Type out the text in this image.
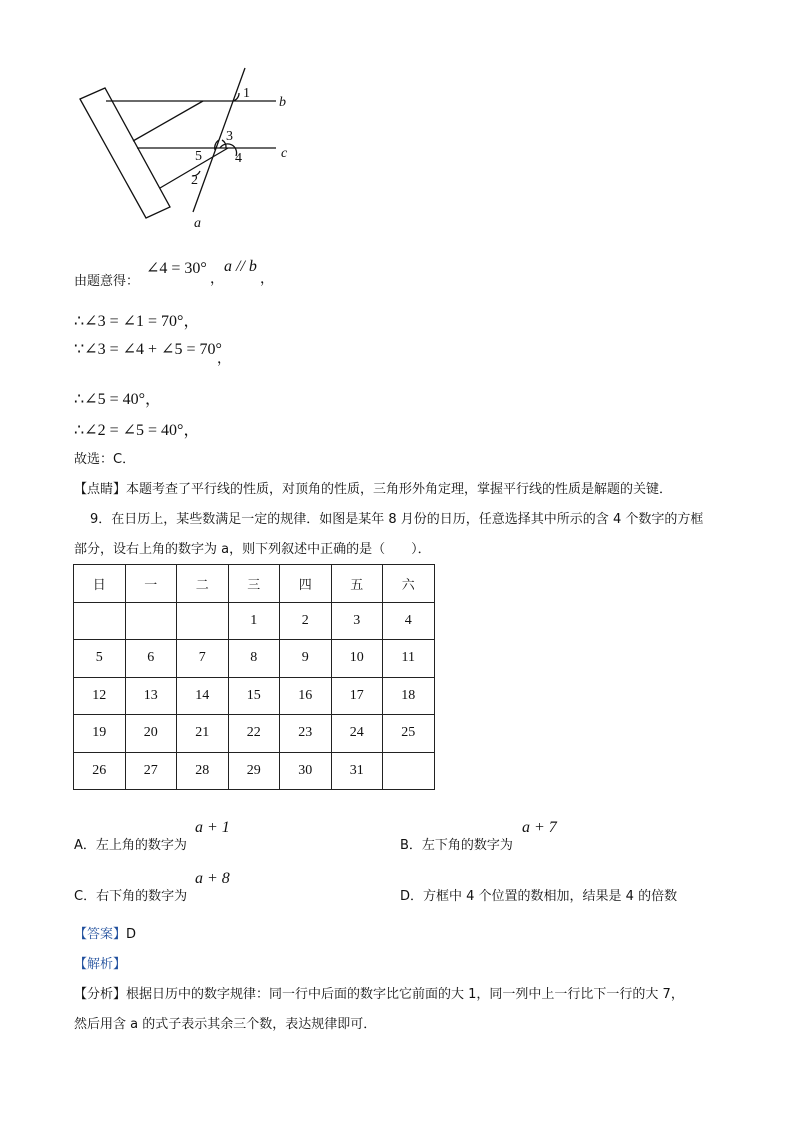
1
b
3
c
5 4
2
a
由题意得：
∠4 = 30°
，
a // b
，
∴∠3 = ∠1 = 70°，
∵∠3 = ∠4 + ∠5 = 70°
，
∴∠5 = 40°，
∴∠2 = ∠5 = 40°，
故选：C．
【点睛】本题考查了平行线的性质，对顶角的性质，三角形外角定理，掌握平行线的性质是解题的关键．
9．在日历上，某些数满足一定的规律．如图是某年 8 月份的日历，任意选择其中所示的含 4 个数字的方框
部分，设右上角的数字为 a，则下列叙述中正确的是（　　）．
日	一	二	三	四	五	六
			1	2	3	4
5	6	7	8	9	10	11
12	13	14	15	16	17	18
19	20	21	22	23	24	25
26	27	28	29	30	31	
A．左上角的数字为
a + 1
B．左下角的数字为
a + 7
C．右下角的数字为
a + 8
D．方框中 4 个位置的数相加，结果是 4 的倍数
【答案】D
【解析】
【分析】根据日历中的数字规律：同一行中后面的数字比它前面的大 1，同一列中上一行比下一行的大 7，
然后用含 a 的式子表示其余三个数，表达规律即可．
